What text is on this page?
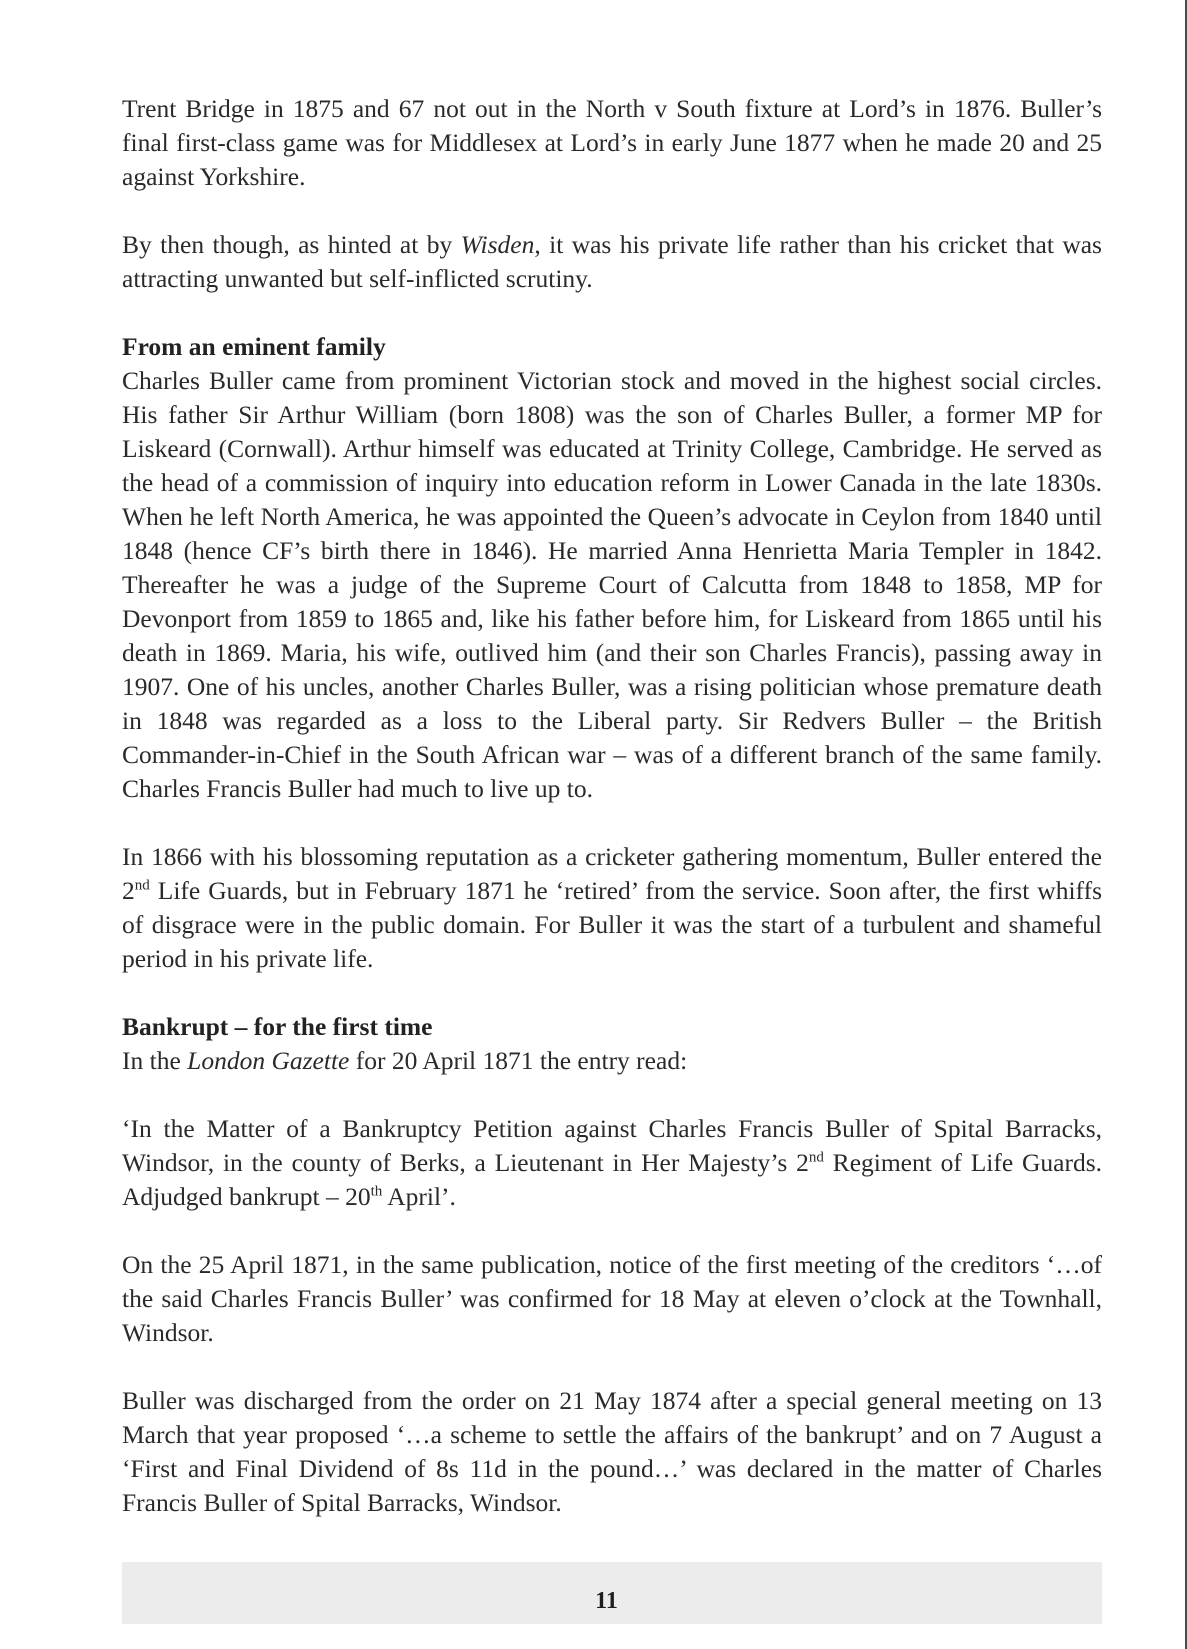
Trent Bridge in 1875 and 67 not out in the North v South fixture at Lord’s in 1876. Buller’s final first-class game was for Middlesex at Lord’s in early June 1877 when he made 20 and 25 against Yorkshire.

By then though, as hinted at by Wisden, it was his private life rather than his cricket that was attracting unwanted but self-inflicted scrutiny.

From an eminent family

Charles Buller came from prominent Victorian stock and moved in the highest social circles. His father Sir Arthur William (born 1808) was the son of Charles Buller, a former MP for Liskeard (Cornwall). Arthur himself was educated at Trinity College, Cambridge. He served as the head of a commission of inquiry into education reform in Lower Canada in the late 1830s. When he left North America, he was appointed the Queen’s advocate in Ceylon from 1840 until 1848 (hence CF’s birth there in 1846). He married Anna Henrietta Maria Templer in 1842. Thereafter he was a judge of the Supreme Court of Calcutta from 1848 to 1858, MP for Devonport from 1859 to 1865 and, like his father before him, for Liskeard from 1865 until his death in 1869. Maria, his wife, outlived him (and their son Charles Francis), passing away in 1907. One of his uncles, another Charles Buller, was a rising politician whose premature death in 1848 was regarded as a loss to the Liberal party. Sir Redvers Buller – the British Commander-in-Chief in the South African war – was of a different branch of the same family. Charles Francis Buller had much to live up to.

In 1866 with his blossoming reputation as a cricketer gathering momentum, Buller entered the 2nd Life Guards, but in February 1871 he ‘retired’ from the service. Soon after, the first whiffs of disgrace were in the public domain. For Buller it was the start of a turbulent and shameful period in his private life.

Bankrupt – for the first time

In the London Gazette for 20 April 1871 the entry read:

‘In the Matter of a Bankruptcy Petition against Charles Francis Buller of Spital Barracks, Windsor, in the county of Berks, a Lieutenant in Her Majesty’s 2nd Regiment of Life Guards. Adjudged bankrupt – 20th April’.

On the 25 April 1871, in the same publication, notice of the first meeting of the creditors ‘…of the said Charles Francis Buller’ was confirmed for 18 May at eleven o’clock at the Townhall, Windsor.

Buller was discharged from the order on 21 May 1874 after a special general meeting on 13 March that year proposed ‘…a scheme to settle the affairs of the bankrupt’ and on 7 August a ‘First and Final Dividend of 8s 11d in the pound…’ was declared in the matter of Charles Francis Buller of Spital Barracks, Windsor.

11
